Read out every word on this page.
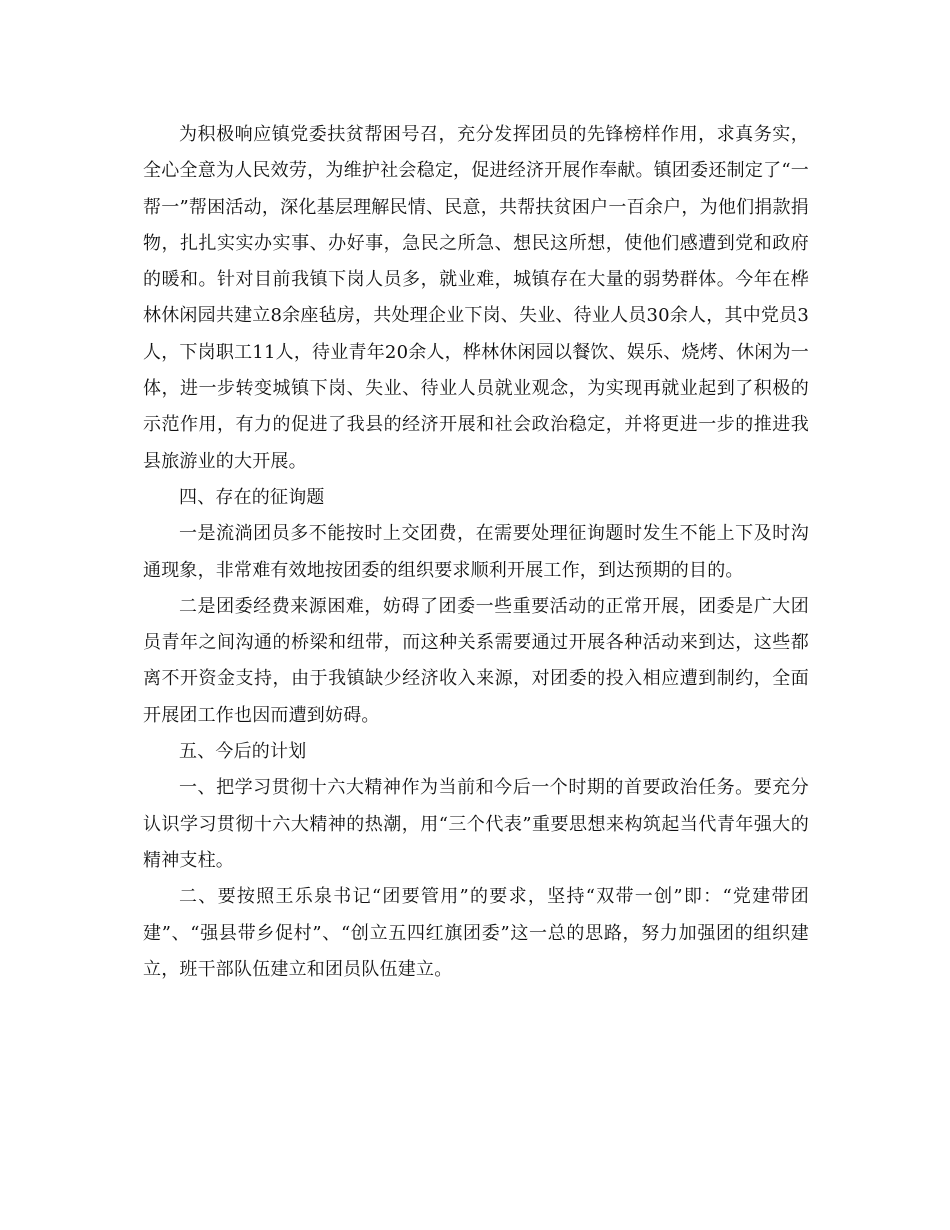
为积极响应镇党委扶贫帮困号召，充分发挥团员的先锋榜样作用，求真务实，全心全意为人民效劳，为维护社会稳定，促进经济开展作奉献。镇团委还制定了“一帮一”帮困活动，深化基层理解民情、民意，共帮扶贫困户一百余户，为他们捐款捐物，扎扎实实办实事、办好事，急民之所急、想民这所想，使他们感遭到党和政府的暖和。针对目前我镇下岗人员多，就业难，城镇存在大量的弱势群体。今年在桦林休闲园共建立8余座毡房，共处理企业下岗、失业、待业人员30余人，其中党员3人，下岗职工11人，待业青年20余人，桦林休闲园以餐饮、娱乐、烧烤、休闲为一体，进一步转变城镇下岗、失业、待业人员就业观念，为实现再就业起到了积极的示范作用，有力的促进了我县的经济开展和社会政治稳定，并将更进一步的推进我县旅游业的大开展。

四、存在的征询题

一是流淌团员多不能按时上交团费，在需要处理征询题时发生不能上下及时沟通现象，非常难有效地按团委的组织要求顺利开展工作，到达预期的目的。

二是团委经费来源困难，妨碍了团委一些重要活动的正常开展，团委是广大团员青年之间沟通的桥梁和纽带，而这种关系需要通过开展各种活动来到达，这些都离不开资金支持，由于我镇缺少经济收入来源，对团委的投入相应遭到制约，全面开展团工作也因而遭到妨碍。

五、今后的计划

一、把学习贯彻十六大精神作为当前和今后一个时期的首要政治任务。要充分认识学习贯彻十六大精神的热潮，用“三个代表”重要思想来构筑起当代青年强大的精神支柱。

二、要按照王乐泉书记“团要管用”的要求，坚持“双带一创”即：“党建带团建”、“强县带乡促村”、“创立五四红旗团委”这一总的思路，努力加强团的组织建立，班干部队伍建立和团员队伍建立。
